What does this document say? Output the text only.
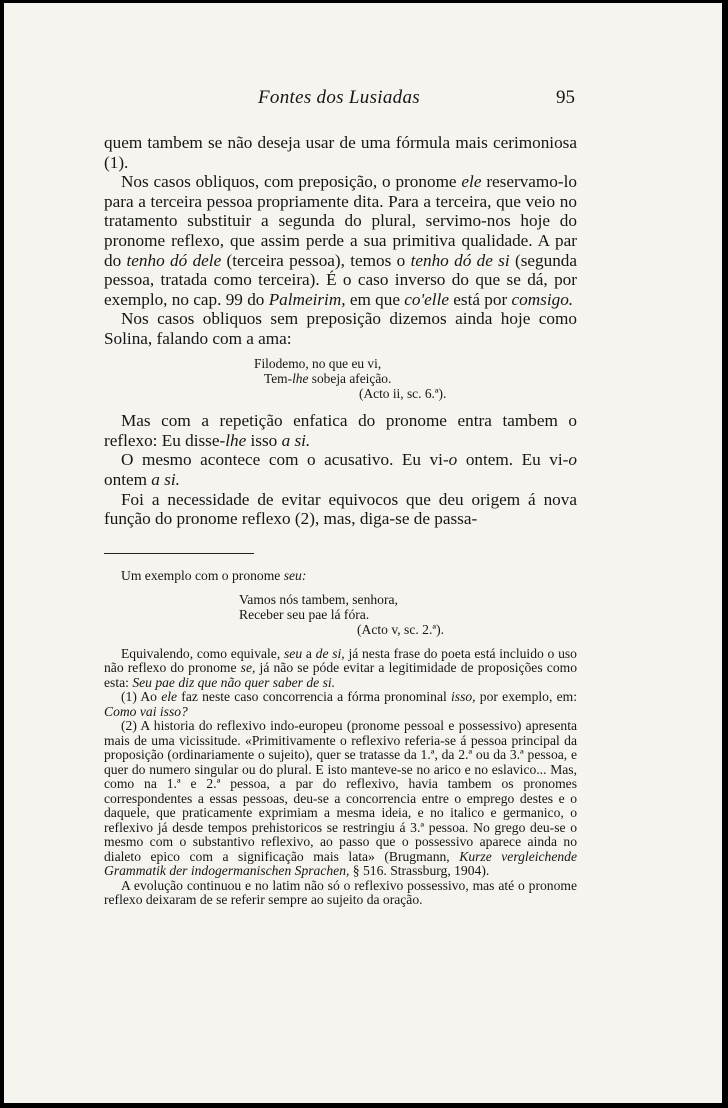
Fontes dos Lusiadas	95

quem tambem se não deseja usar de uma fórmula mais cerimoniosa (1).

Nos casos obliquos, com preposição, o pronome ele reservamo-lo para a terceira pessoa propriamente dita. Para a terceira, que veio no tratamento substituir a segunda do plural, servimo-nos hoje do pronome reflexo, que assim perde a sua primitiva qualidade. A par do tenho dó dele (terceira pessoa), temos o tenho dó de si (segunda pessoa, tratada como terceira). É o caso inverso do que se dá, por exemplo, no cap. 99 do Palmeirim, em que co'elle está por comsigo.

Nos casos obliquos sem preposição dizemos ainda hoje como Solina, falando com a ama:

Filodemo, no que eu vi,
Tem-lhe sobeja afeição.
(Acto ii, sc. 6.ª).

Mas com a repetição enfatica do pronome entra tambem o reflexo: Eu disse-lhe isso a si.

O mesmo acontece com o acusativo. Eu vi-o ontem. Eu vi-o ontem a si.

Foi a necessidade de evitar equivocos que deu origem á nova função do pronome reflexo (2), mas, diga-se de passa-

Um exemplo com o pronome seu:

Vamos nós tambem, senhora,
Receber seu pae lá fóra.
(Acto v, sc. 2.ª).

Equivalendo, como equivale, seu a de si, já nesta frase do poeta está incluido o uso não reflexo do pronome se, já não se póde evitar a legitimidade de proposições como esta: Seu pae diz que não quer saber de si.

(1) Ao ele faz neste caso concorrencia a fórma pronominal isso, por exemplo, em: Como vai isso?

(2) A historia do reflexivo indo-europeu (pronome pessoal e possessivo) apresenta mais de uma vicissitude. «Primitivamente o reflexivo referia-se á pessoa principal da proposição (ordinariamente o sujeito), quer se tratasse da 1.ª, da 2.ª ou da 3.ª pessoa, e quer do numero singular ou do plural. E isto manteve-se no arico e no eslavico... Mas, como na 1.ª e 2.ª pessoa, a par do reflexivo, havia tambem os pronomes correspondentes a essas pessoas, deu-se a concorrencia entre o emprego destes e o daquele, que praticamente exprimiam a mesma ideia, e no italico e germanico, o reflexivo já desde tempos prehistoricos se restringiu á 3.ª pessoa. No grego deu-se o mesmo com o substantivo reflexivo, ao passo que o possessivo aparece ainda no dialeto epico com a significação mais lata» (Brugmann, Kurze vergleichende Grammatik der indogermanischen Sprachen, § 516. Strassburg, 1904).

A evolução continuou e no latim não só o reflexivo possessivo, mas até o pronome reflexo deixaram de se referir sempre ao sujeito da oração.
